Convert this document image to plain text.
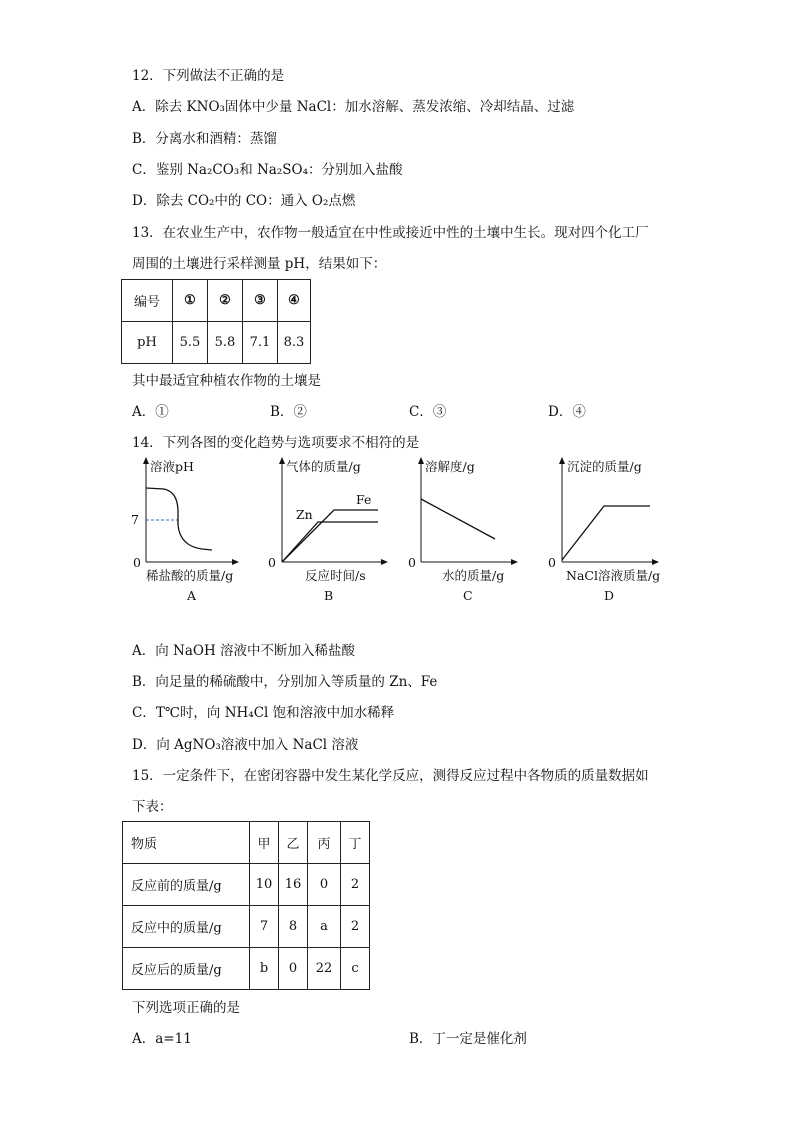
12．下列做法不正确的是
A．除去 KNO₃固体中少量 NaCl：加水溶解、蒸发浓缩、冷却结晶、过滤
B．分离水和酒精：蒸馏
C．鉴别 Na₂CO₃和 Na₂SO₄：分别加入盐酸
D．除去 CO₂中的 CO：通入 O₂点燃
13．在农业生产中，农作物一般适宜在中性或接近中性的土壤中生长。现对四个化工厂
周围的土壤进行采样测量 pH，结果如下：
编号	①	②	③	④
pH	5.5	5.8	7.1	8.3
其中最适宜种植农作物的土壤是
A．①	B．②	C．③	D．④
14．下列各图的变化趋势与选项要求不相符的是
溶液pH
7
0
稀盐酸的质量/g
A
气体的质量/g
0
反应时间/s
B
Zn
Fe
溶解度/g
0
水的质量/g
C
沉淀的质量/g
0
NaCl溶液质量/g
D
A．向 NaOH 溶液中不断加入稀盐酸
B．向足量的稀硫酸中，分别加入等质量的 Zn、Fe
C．T℃时，向 NH₄Cl 饱和溶液中加水稀释
D．向 AgNO₃溶液中加入 NaCl 溶液
15．一定条件下，在密闭容器中发生某化学反应，测得反应过程中各物质的质量数据如
下表：
物质	甲	乙	丙	丁
反应前的质量/g	10	16	0	2
反应中的质量/g	7	8	a	2
反应后的质量/g	b	0	22	c
下列选项正确的是
A．a=11	B．丁一定是催化剂
